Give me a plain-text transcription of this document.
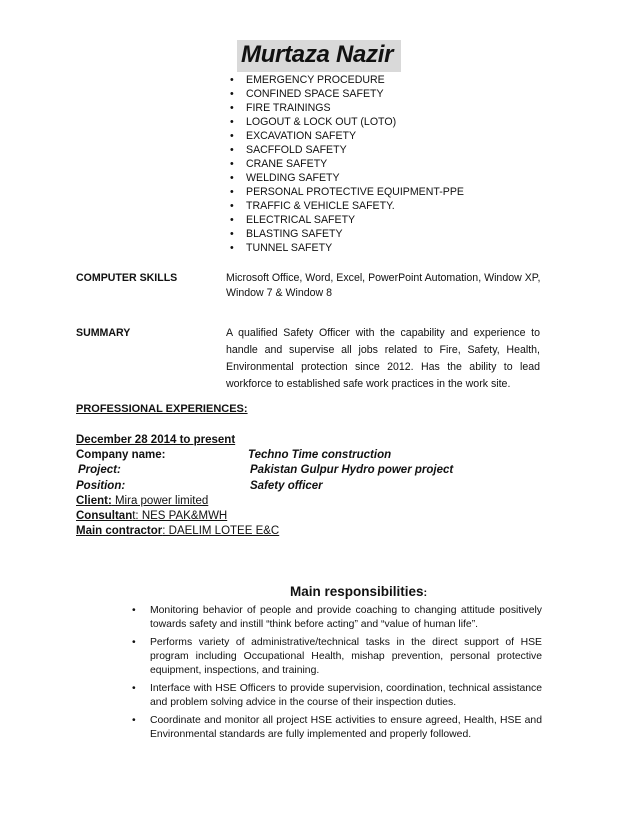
Murtaza Nazir
• EMERGENCY PROCEDURE
• CONFINED SPACE SAFETY
• FIRE TRAININGS
• LOGOUT & LOCK OUT (LOTO)
• EXCAVATION SAFETY
• SACFFOLD SAFETY
• CRANE SAFETY
• WELDING SAFETY
• PERSONAL PROTECTIVE EQUIPMENT-PPE
• TRAFFIC & VEHICLE SAFETY.
• ELECTRICAL SAFETY
• BLASTING SAFETY
• TUNNEL SAFETY
COMPUTER SKILLS	Microsoft Office, Word, Excel, PowerPoint Automation, Window XP,
Window 7 & Window 8
SUMMARY	A qualified Safety Officer with the capability and experience to handle and supervise all jobs related to Fire, Safety, Health, Environmental protection since 2012. Has the ability to lead workforce to established safe work practices in the work site.
PROFESSIONAL EXPERIENCES:
December 28 2014 to present
Company name:	Techno Time construction
Project:	Pakistan Gulpur Hydro power project
Position:	Safety officer
Client: Mira power limited
Consultant: NES PAK&MWH
Main contractor: DAELIM LOTEE E&C
Main responsibilities:
• Monitoring behavior of people and provide coaching to changing attitude positively towards safety and instill “think before acting” and “value of human life”.
• Performs variety of administrative/technical tasks in the direct support of HSE program including Occupational Health, mishap prevention, personal protective equipment, inspections, and training.
• Interface with HSE Officers to provide supervision, coordination, technical assistance and problem solving advice in the course of their inspection duties.
• Coordinate and monitor all project HSE activities to ensure agreed, Health, HSE and Environmental standards are fully implemented and properly followed.
